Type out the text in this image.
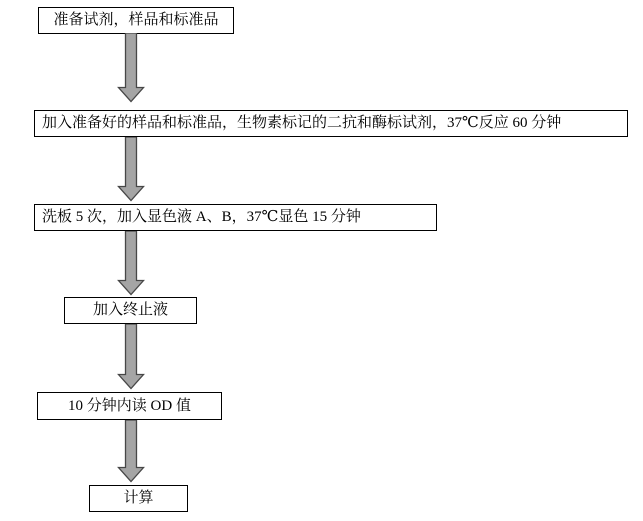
准备试剂，样品和标准品
加入准备好的样品和标准品，生物素标记的二抗和酶标试剂，37℃反应 60 分钟
洗板 5 次，加入显色液 A、B，37℃显色 15 分钟
加入终止液
10 分钟内读 OD 值
计算
